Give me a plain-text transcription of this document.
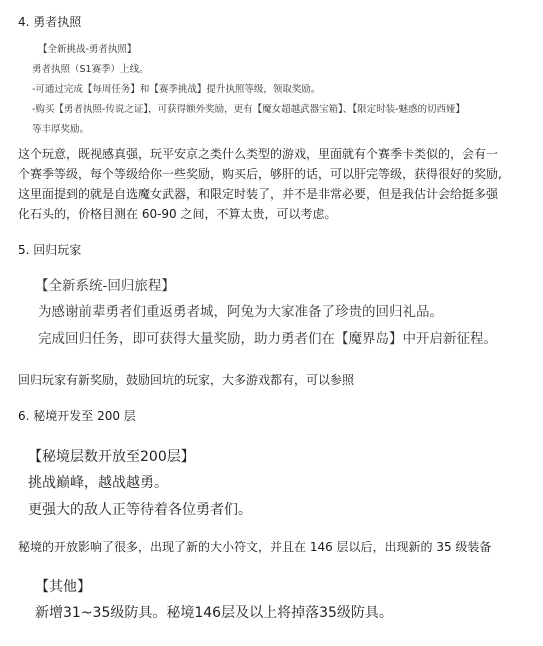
4. 勇者执照
【全新挑战-勇者执照】
勇者执照（S1赛季）上线。
-可通过完成【每周任务】和【赛季挑战】提升执照等级，领取奖励。
-购买【勇者执照-传说之证】，可获得额外奖励，更有【魔女超越武器宝箱】、【限定时装-魅惑的切西娅】
等丰厚奖励。
这个玩意，既视感真强，玩平安京之类什么类型的游戏，里面就有个赛季卡类似的，会有一
个赛季等级，每个等级给你一些奖励，购买后，够肝的话，可以肝完等级，获得很好的奖励,
这里面提到的就是自选魔女武器，和限定时装了，并不是非常必要，但是我估计会给挺多强
化石头的，价格目测在 60-90 之间，不算太贵，可以考虑。
5. 回归玩家
【全新系统-回归旅程】
为感谢前辈勇者们重返勇者城，阿兔为大家准备了珍贵的回归礼品。
完成回归任务，即可获得大量奖励，助力勇者们在【魔界岛】中开启新征程。
回归玩家有新奖励，鼓励回坑的玩家，大多游戏都有，可以参照
6. 秘境开发至 200 层
【秘境层数开放至200层】
挑战巅峰，越战越勇。
更强大的敌人正等待着各位勇者们。
秘境的开放影响了很多，出现了新的大小符文，并且在 146 层以后，出现新的 35 级装备
【其他】
新增31~35级防具。秘境146层及以上将掉落35级防具。
